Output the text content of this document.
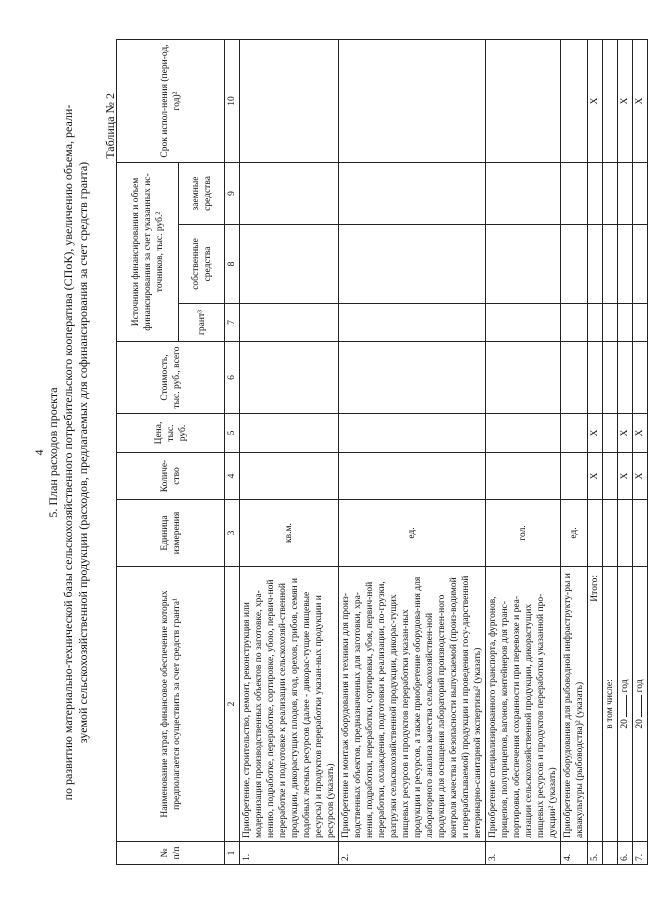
4 5. План расходов проекта по развитию материально-технической базы сельскохозяйственного потребительского кооператива (СПоК), увеличению объема, реали- зуемой сельскохозяйственной продукции (расходов, предлагаемых для софинансирования за счет средств гранта)
Таблица № 2
№ п/п	Наименование затрат, финансовое обеспечение которых предполагается осуществить за счет средств гранта¹	Единица измерения	Количе-ство	Цена, тыс. руб.	Стоимость, тыс. руб., всего	Источники финансирования и объем финансирования за счет указанных ис-точников, тыс. руб.²			Срок испол-нения (пери-од, год)²
						грант³	собственные средства	заемные средства	
1	2	3	4	5	6	7	8	9	10
1.	Приобретение, строительство, ремонт, реконструкция или модернизация производственных объектов по заготовке, хра-нению, подработке, переработке, сортировке, убою, первич-ной переработке и подготовке к реализации сельскохозяй-ственной продукции, дикорастущих плодов, ягод, орехов, грибов, семян и подобных лесных ресурсов (далее - дикорас-тущие пищевые ресурсы) и продуктов переработки указан-ных продукции и ресурсов (указать)	кв.м.							
2.	Приобретение и монтаж оборудования и техники для произ-водственных объектов, предназначенных для заготовки, хра-нения, подработки, переработки, сортировки, убоя, первич-ной переработки, охлаждения, подготовки к реализации, по-грузки, разгрузки сельскохозяйственной продукции, дикорас-тущих пищевых ресурсов и продуктов переработки указан-ных продукции и ресурсов, а также приобретение оборудова-ния для лабораторного анализа качества сельскохозяйствен-ной продукции для оснащения лабораторий производствен-ного контроля качества и безопасности выпускаемой (произ-водимой и перерабатываемой) продукции и проведения госу-дарственной ветеринарно-санитарной экспертизы² (указать)	ед.							
3.	Приобретение специализированного транспорта, фургонов, прицепов, полуприцепов, вагонов, контейнеров для транс-портировки, обеспечения сохранности при перевозке и реа-лизации сельскохозяйственной продукции, дикорастущих пищевых ресурсов и продуктов переработки указанной про-дукции² (указать)	гол.							
4.	Приобретение оборудования для рыбоводной инфраструкту-ры и аквакультуры (рыбоводства)² (указать)	ед.							
5.	Итого:		X	X					X
	в том числе:								
6.	20  год		X	X					X
7.	20  год		X	X					X
